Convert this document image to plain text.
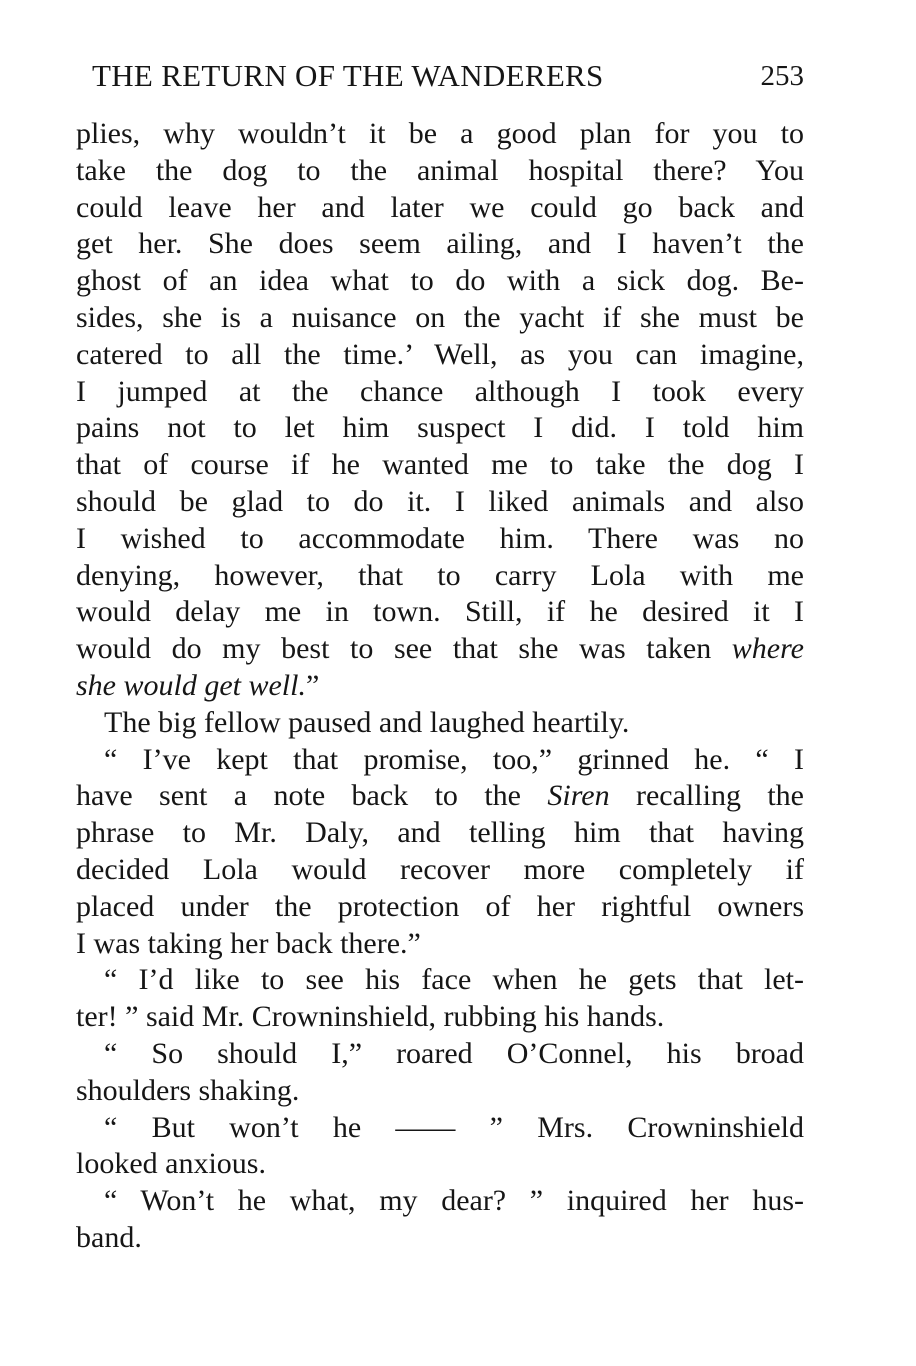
THE RETURN OF THE WANDERERS	253
plies, why wouldn’t it be a good plan for you to
take the dog to the animal hospital there? You
could leave her and later we could go back and
get her. She does seem ailing, and I haven’t the
ghost of an idea what to do with a sick dog. Be-
sides, she is a nuisance on the yacht if she must be
catered to all the time.’ Well, as you can imagine,
I jumped at the chance although I took every
pains not to let him suspect I did. I told him
that of course if he wanted me to take the dog I
should be glad to do it. I liked animals and also
I wished to accommodate him. There was no
denying, however, that to carry Lola with me
would delay me in town. Still, if he desired it I
would do my best to see that she was taken where
she would get well.”
The big fellow paused and laughed heartily.
“ I’ve kept that promise, too,” grinned he. “ I
have sent a note back to the Siren recalling the
phrase to Mr. Daly, and telling him that having
decided Lola would recover more completely if
placed under the protection of her rightful owners
I was taking her back there.”
“ I’d like to see his face when he gets that let-
ter! ” said Mr. Crowninshield, rubbing his hands.
“ So should I,” roared O’Connel, his broad
shoulders shaking.
“ But won’t he —— ” Mrs. Crowninshield
looked anxious.
“ Won’t he what, my dear? ” inquired her hus-
band.
